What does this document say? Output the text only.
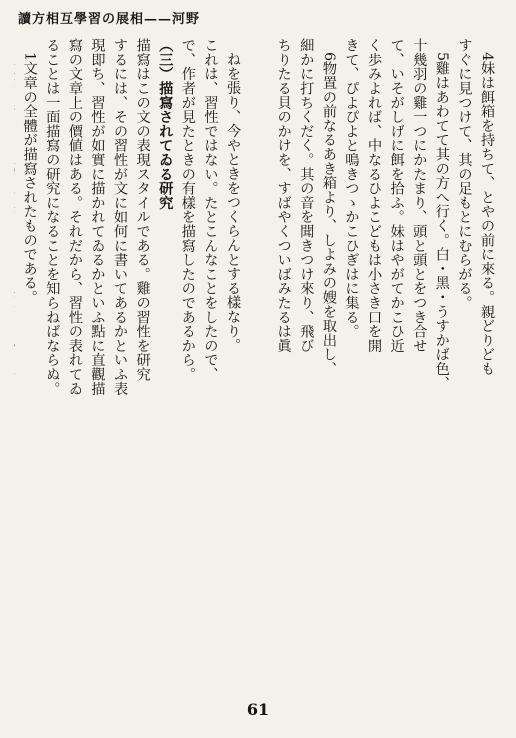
讀方相互學習の展相——河野
ねを張り、今やときをつくらんとする樣なり。
これは、習性ではない。たとこんなことをしたので、
で、作者が見たときの有樣を描寫したのであるから。
（三）描寫されてゐる研究
描寫はこの文の表現スタイルである。雞の習性を研究
するには、その習性が文に如何に書いてあるかといふ表
現即ち、習性が如實に描かれてゐるかといふ點に直觀描
寫の文章上の價値はある。それだから、習性の表れてゐ
ることは一面描寫の研究になることを知らねばならぬ。
1文章の全體が描寫されたものである。	4妹は餌箱を持ちて、とやの前に來る。親どりども
すぐに見つけて、其の足もとにむらがる。
5雞はあわてて其の方へ行く。白・黑・うすかば色、
十幾羽の雞一つにかたまり、頭と頭とをつき合せ
て、いそがしげに餌を拾ふ。妹はやがてかこひ近
く歩みよれば、中なるひよこどもは小さき口を開
きて、ぴよぴよと鳴きつゝかこひぎはに集る。
6物置の前なるあき箱より、しよみの嫂を取出し、
細かに打ちくだく。其の音を聞きつけ來り、飛び
ちりたる貝のかけを、すばやくついばみたるは眞
61
